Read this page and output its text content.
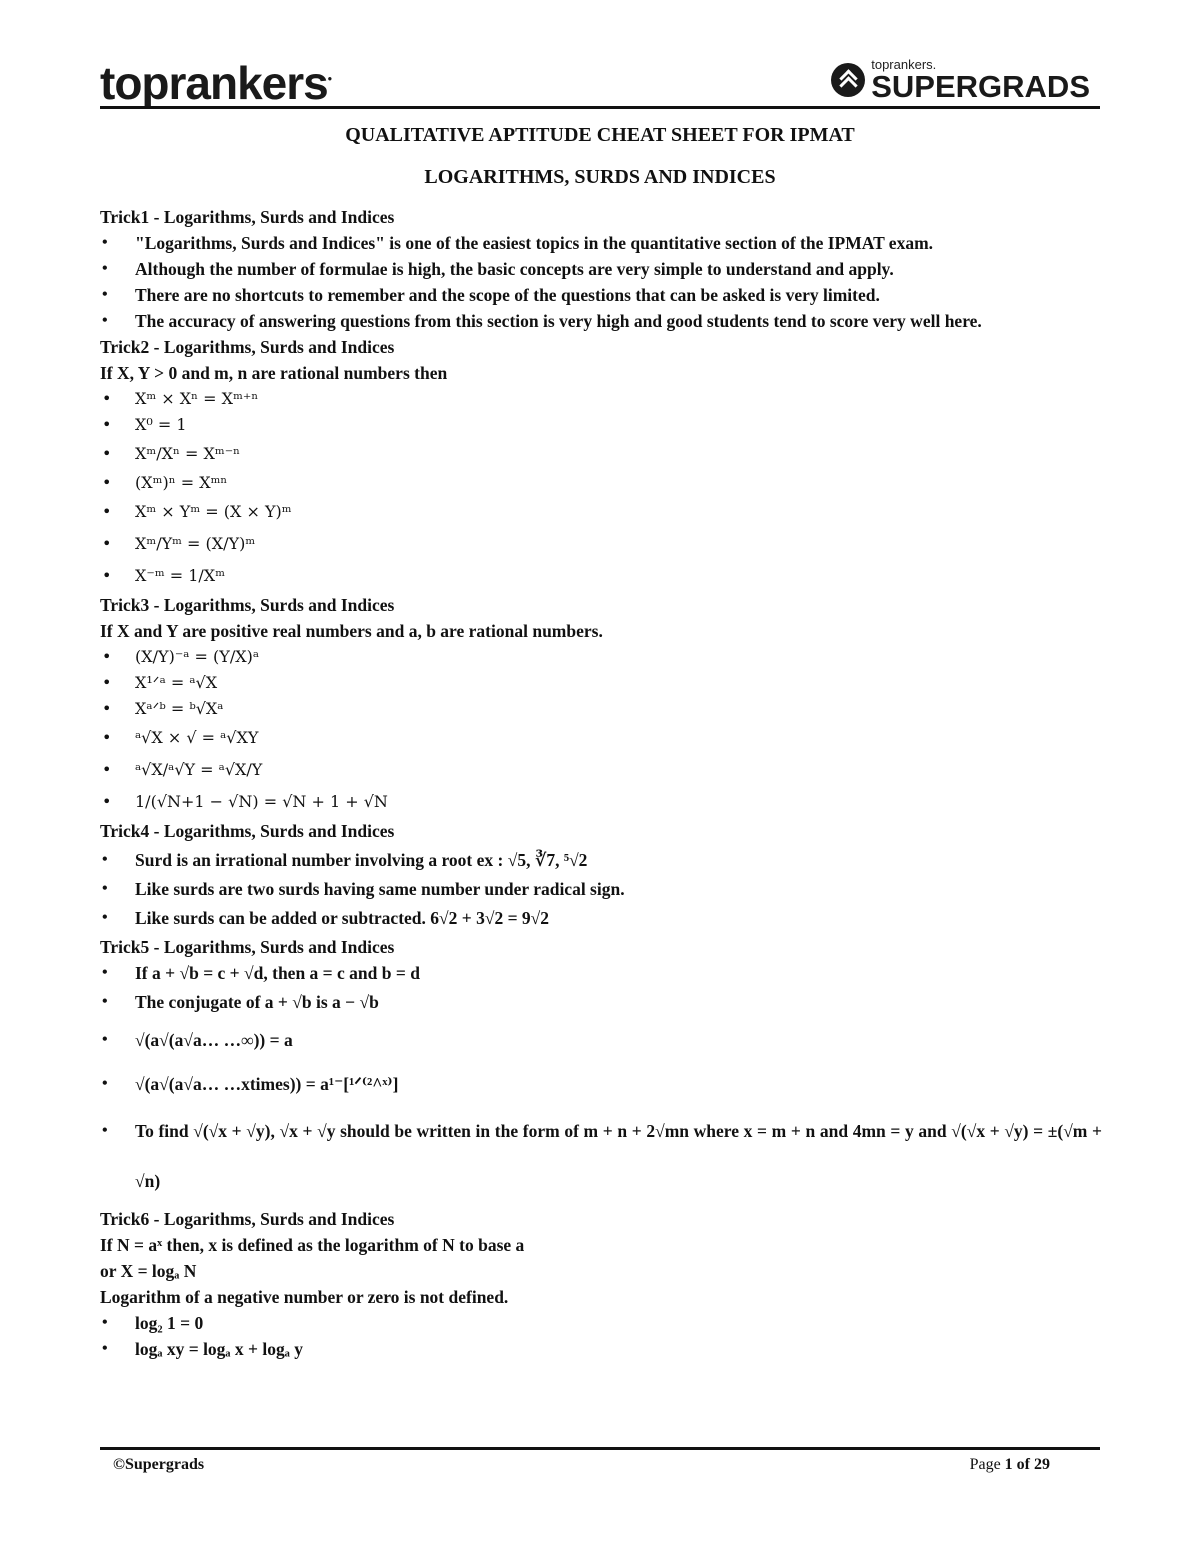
toprankers•
toprankers.
SUPERGRADS
QUALITATIVE APTITUDE CHEAT SHEET FOR IPMAT
LOGARITHMS, SURDS AND INDICES
Trick1 - Logarithms, Surds and Indices
• "Logarithms, Surds and Indices" is one of the easiest topics in the quantitative section of the IPMAT exam.
• Although the number of formulae is high, the basic concepts are very simple to understand and apply.
• There are no shortcuts to remember and the scope of the questions that can be asked is very limited.
• The accuracy of answering questions from this section is very high and good students tend to score very well here.
Trick2 - Logarithms, Surds and Indices
If X, Y > 0 and m, n are rational numbers then
• Xᵐ × Xⁿ = Xᵐ⁺ⁿ
• X⁰ = 1
• Xᵐ/Xⁿ = Xᵐ⁻ⁿ
• (Xᵐ)ⁿ = Xᵐⁿ
• Xᵐ × Yᵐ = (X × Y)ᵐ
• Xᵐ/Yᵐ = (X/Y)ᵐ
• X⁻ᵐ = 1/Xᵐ
Trick3 - Logarithms, Surds and Indices
If X and Y are positive real numbers and a, b are rational numbers.
• (X/Y)⁻ᵃ = (Y/X)ᵃ
• X¹ᐟᵃ = ᵃ√X
• Xᵃᐟᵇ = ᵇ√Xᵃ
• ᵃ√X × √ = ᵃ√XY
• ᵃ√X/ᵃ√Y = ᵃ√X/Y
• 1/(√N+1 − √N) = √N + 1 + √N
Trick4 - Logarithms, Surds and Indices
• Surd is an irrational number involving a root ex : √5, ∛7, ⁵√2
• Like surds are two surds having same number under radical sign.
• Like surds can be added or subtracted. 6√2 + 3√2 = 9√2
Trick5 - Logarithms, Surds and Indices
• If a + √b = c + √d, then a = c and b = d
• The conjugate of a + √b is a − √b
• √(a√(a√a… …∞)) = a
• √(a√(a√a… …xtimes)) = a¹⁻[¹ᐟ⁽²^ˣ⁾]
• To find √(√x + √y), √x + √y should be written in the form of m + n + 2√mn where x = m + n and 4mn = y and √(√x + √y) = ±(√m + √n)
Trick6 - Logarithms, Surds and Indices
If N = aˣ then, x is defined as the logarithm of N to base a
or X = logₐ N
Logarithm of a negative number or zero is not defined.
• log₂ 1 = 0
• logₐ xy = logₐ x + logₐ y
©Supergrads	Page 1 of 29
